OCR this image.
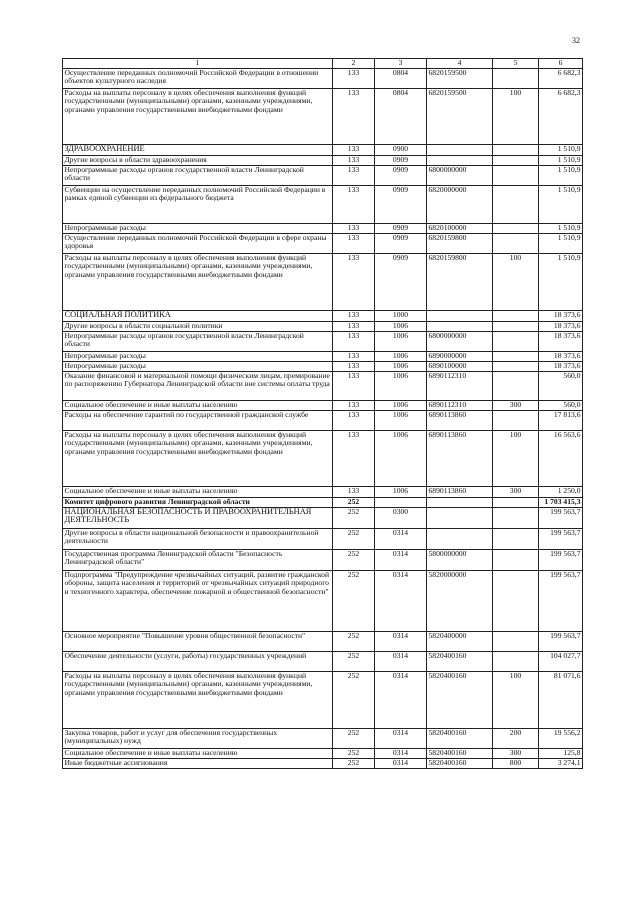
32
1	2	3	4	5	6
Осуществление переданных полномочий Российской Федерации в отношении объектов культурного наследия	133	0804	6820159500		6 682,3
Расходы на выплаты персоналу в целях обеспечения выполнения функций государственными (муниципальными) органами, казенными учреждениями, органами управления государственными внебюджетными фондами	133	0804	6820159500	100	6 682,3
ЗДРАВООХРАНЕНИЕ	133	0900			1 510,9
Другие вопросы в области здравоохранения	133	0909			1 510,9
Непрограммные расходы органов государственной власти Ленинградской области	133	0909	6800000000		1 510,9
Субвенции на осуществление переданных полномочий Российской Федерации в рамках единой субвенции из федерального бюджета	133	0909	6820000000		1 510,9
Непрограммные расходы	133	0909	6820100000		1 510,9
Осуществление переданных полномочий Российской Федерации в сфере охраны здоровья	133	0909	6820159800		1 510,9
Расходы на выплаты персоналу в целях обеспечения выполнения функций государственными (муниципальными) органами, казенными учреждениями, органами управления государственными внебюджетными фондами	133	0909	6820159800	100	1 510,9
СОЦИАЛЬНАЯ ПОЛИТИКА	133	1000			18 373,6
Другие вопросы в области социальной политики	133	1006			18 373,6
Непрограммные расходы органов государственной власти Ленинградской области	133	1006	6800000000		18 373,6
Непрограммные расходы	133	1006	6890000000		18 373,6
Непрограммные расходы	133	1006	6890100000		18 373,6
Оказание финансовой и материальной помощи физическим лицам, премирование по распоряжению Губернатора Ленинградской области вне системы оплаты труда	133	1006	6890112310		560,0
Социальное обеспечение и иные выплаты населению	133	1006	6890112310	300	560,0
Расходы на обеспечение гарантий по государственной гражданской службе	133	1006	6890113860		17 813,6
Расходы на выплаты персоналу в целях обеспечения выполнения функций государственными (муниципальными) органами, казенными учреждениями, органами управления государственными внебюджетными фондами	133	1006	6890113860	100	16 563,6
Социальное обеспечение и иные выплаты населению	133	1006	6890113860	300	1 250,0
Комитет цифрового развития Ленинградской области	252				1 703 415,3
НАЦИОНАЛЬНАЯ БЕЗОПАСНОСТЬ И ПРАВООХРАНИТЕЛЬНАЯ ДЕЯТЕЛЬНОСТЬ	252	0300			199 563,7
Другие вопросы в области национальной безопасности и правоохранительной деятельности	252	0314			199 563,7
Государственная программа Ленинградской области "Безопасность Ленинградской области"	252	0314	5800000000		199 563,7
Подпрограмма "Предупреждение чрезвычайных ситуаций, развитие гражданской обороны, защита населения и территорий от чрезвычайных ситуаций природного и техногенного характера, обеспечение пожарной и общественной безопасности"	252	0314	5820000000		199 563,7
Основное мероприятие "Повышение уровня общественной безопасности"	252	0314	5820400000		199 563,7
Обеспечение деятельности (услуги, работы) государственных учреждений	252	0314	5820400160		104 027,7
Расходы на выплаты персоналу в целях обеспечения выполнения функций государственными (муниципальными) органами, казенными учреждениями, органами управления государственными внебюджетными фондами	252	0314	5820400160	100	81 071,6
Закупка товаров, работ и услуг для обеспечения государственных (муниципальных) нужд	252	0314	5820400160	200	19 556,2
Социальное обеспечение и иные выплаты населению	252	0314	5820400160	300	125,8
Иные бюджетные ассигнования	252	0314	5820400160	800	3 274,1
